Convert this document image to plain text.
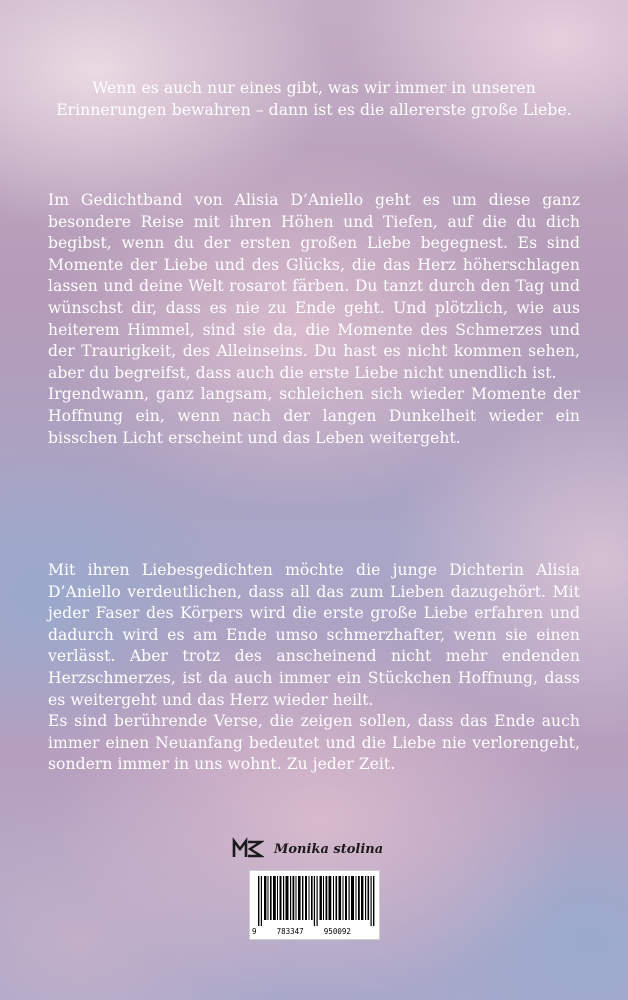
Wenn es auch nur eines gibt, was wir immer in unseren Erinnerungen bewahren – dann ist es die allererste große Liebe.

Im Gedichtband von Alisia D’Aniello geht es um diese ganz besondere Reise mit ihren Höhen und Tiefen, auf die du dich begibst, wenn du der ersten großen Liebe begegnest. Es sind Momente der Liebe und des Glücks, die das Herz höherschlagen lassen und deine Welt rosarot färben. Du tanzt durch den Tag und wünschst dir, dass es nie zu Ende geht. Und plötzlich, wie aus heiterem Himmel, sind sie da, die Momente des Schmerzes und der Traurigkeit, des Alleinseins. Du hast es nicht kommen sehen, aber du begreifst, dass auch die erste Liebe nicht unendlich ist.

Irgendwann, ganz langsam, schleichen sich wieder Momente der Hoffnung ein, wenn nach der langen Dunkelheit wieder ein bisschen Licht erscheint und das Leben weitergeht.

Mit ihren Liebesgedichten möchte die junge Dichterin Alisia D’Aniello verdeutlichen, dass all das zum Lieben dazugehört. Mit jeder Faser des Körpers wird die erste große Liebe erfahren und dadurch wird es am Ende umso schmerzhafter, wenn sie einen verlässt. Aber trotz des anscheinend nicht mehr endenden Herzschmerzes, ist da auch immer ein Stückchen Hoffnung, dass es weitergeht und das Herz wieder heilt.

Es sind berührende Verse, die zeigen sollen, dass das Ende auch immer einen Neuanfang bedeutet und die Liebe nie verlorengeht, sondern immer in uns wohnt. Zu jeder Zeit.

Monika stolina
9	783347	950092
